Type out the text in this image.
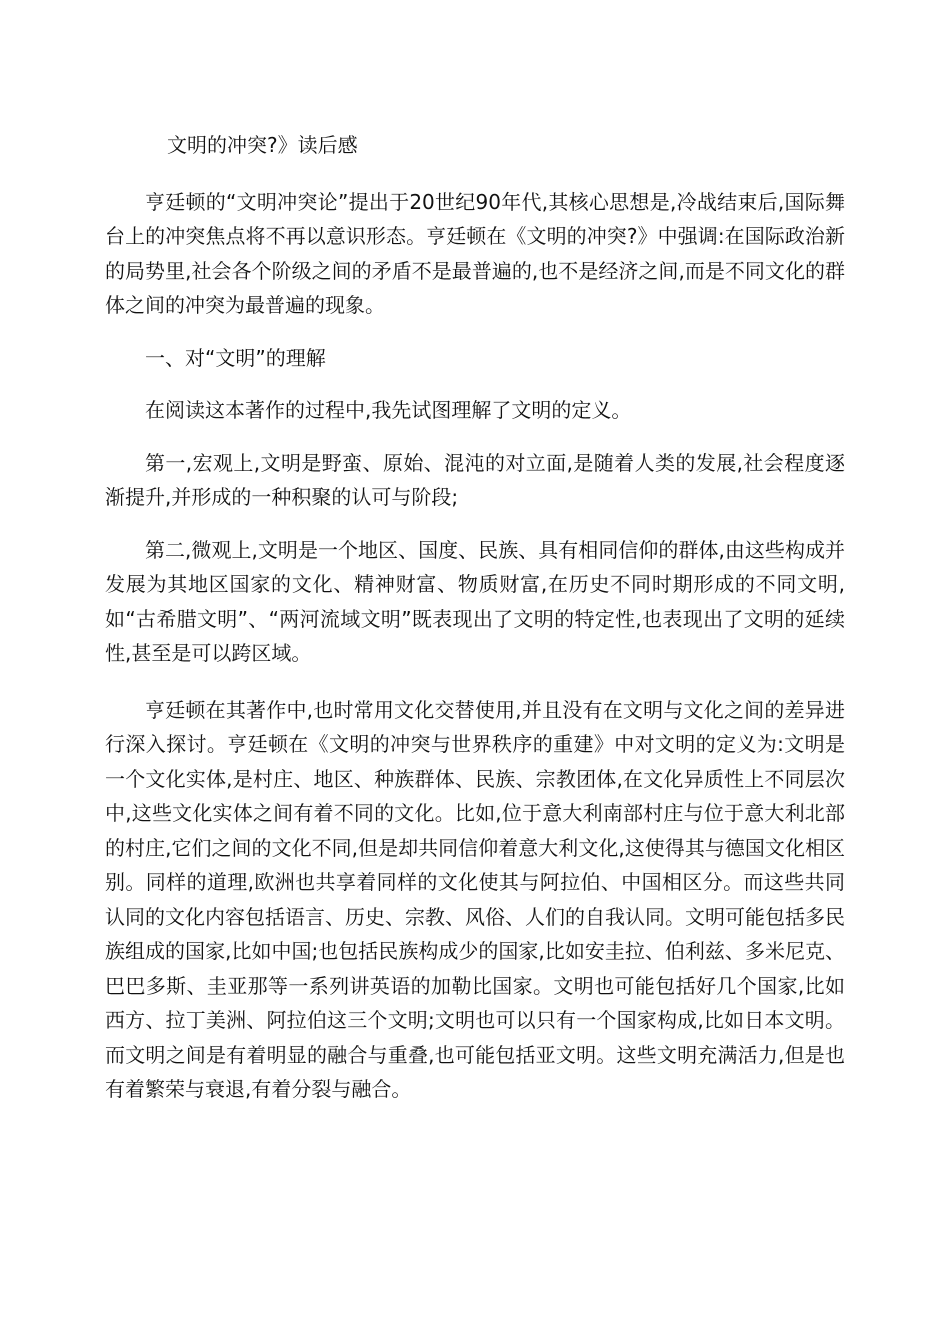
文明的冲突?》读后感

亨廷顿的“文明冲突论”提出于20世纪90年代,其核心思想是,冷战结束后,国际舞台上的冲突焦点将不再以意识形态。亨廷顿在《文明的冲突?》中强调:在国际政治新的局势里,社会各个阶级之间的矛盾不是最普遍的,也不是经济之间,而是不同文化的群体之间的冲突为最普遍的现象。

一、对“文明”的理解

在阅读这本著作的过程中,我先试图理解了文明的定义。

第一,宏观上,文明是野蛮、原始、混沌的对立面,是随着人类的发展,社会程度逐渐提升,并形成的一种积聚的认可与阶段;

第二,微观上,文明是一个地区、国度、民族、具有相同信仰的群体,由这些构成并发展为其地区国家的文化、精神财富、物质财富,在历史不同时期形成的不同文明,如“古希腊文明”、“两河流域文明”既表现出了文明的特定性,也表现出了文明的延续性,甚至是可以跨区域。

亨廷顿在其著作中,也时常用文化交替使用,并且没有在文明与文化之间的差异进行深入探讨。亨廷顿在《文明的冲突与世界秩序的重建》中对文明的定义为:文明是一个文化实体,是村庄、地区、种族群体、民族、宗教团体,在文化异质性上不同层次中,这些文化实体之间有着不同的文化。比如,位于意大利南部村庄与位于意大利北部的村庄,它们之间的文化不同,但是却共同信仰着意大利文化,这使得其与德国文化相区别。同样的道理,欧洲也共享着同样的文化使其与阿拉伯、中国相区分。而这些共同认同的文化内容包括语言、历史、宗教、风俗、人们的自我认同。文明可能包括多民族组成的国家,比如中国;也包括民族构成少的国家,比如安圭拉、伯利兹、多米尼克、巴巴多斯、圭亚那等一系列讲英语的加勒比国家。文明也可能包括好几个国家,比如西方、拉丁美洲、阿拉伯这三个文明;文明也可以只有一个国家构成,比如日本文明。而文明之间是有着明显的融合与重叠,也可能包括亚文明。这些文明充满活力,但是也有着繁荣与衰退,有着分裂与融合。
